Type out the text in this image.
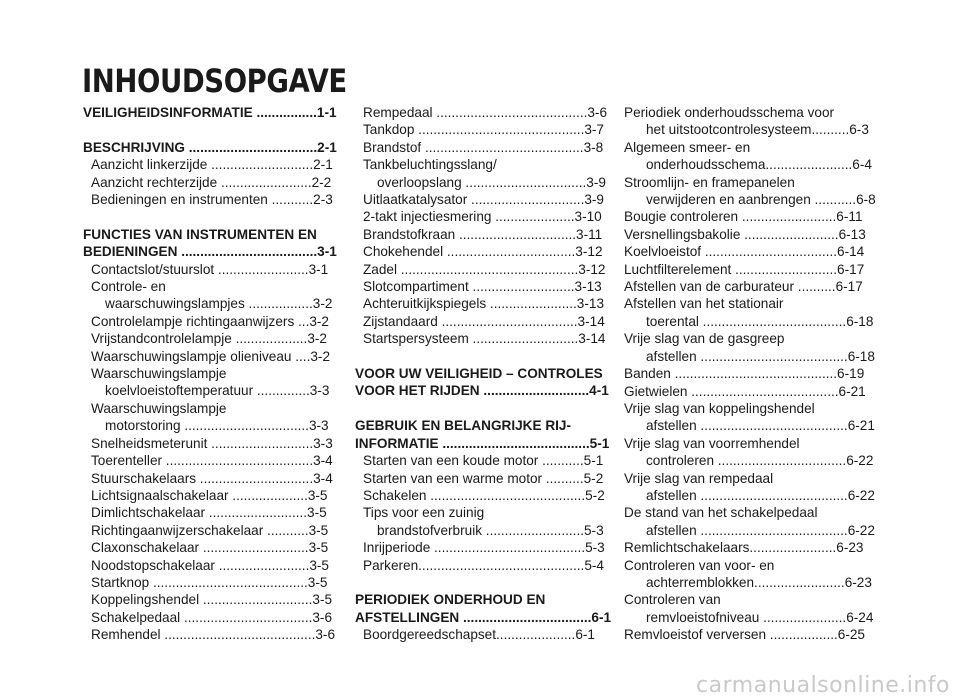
INHOUDSOPGAVE
VEILIGHEIDSINFORMATIE ................1-1
BESCHRIJVING ..................................2-1
Aanzicht linkerzijde ...........................2-1
Aanzicht rechterzijde ........................2-2
Bedieningen en instrumenten ...........2-3
FUNCTIES VAN INSTRUMENTEN EN
BEDIENINGEN ....................................3-1
Contactslot/stuurslot ........................3-1
Controle- en
waarschuwingslampjes .................3-2
Controlelampje richtingaanwijzers ...3-2
Vrijstandcontrolelampje ...................3-2
Waarschuwingslampje olieniveau ....3-2
Waarschuwingslampje
koelvloeistoftemperatuur ..............3-3
Waarschuwingslampje
motorstoring .................................3-3
Snelheidsmeterunit ...........................3-3
Toerenteller .......................................3-4
Stuurschakelaars ..............................3-4
Lichtsignaalschakelaar ....................3-5
Dimlichtschakelaar ..........................3-5
Richtingaanwijzerschakelaar ...........3-5
Claxonschakelaar ............................3-5
Noodstopschakelaar ........................3-5
Startknop .........................................3-5
Koppelingshendel .............................3-5
Schakelpedaal ..................................3-6
Remhendel ........................................3-6
Rempedaal ........................................3-6
Tankdop ............................................3-7
Brandstof ..........................................3-8
Tankbeluchtingsslang/
overloopslang ................................3-9
Uitlaatkatalysator ..............................3-9
2-takt injectiesmering .....................3-10
Brandstofkraan ...............................3-11
Chokehendel ..................................3-12
Zadel ...............................................3-12
Slotcompartiment ...........................3-13
Achteruitkijkspiegels .......................3-13
Zijstandaard ....................................3-14
Startspersysteem ............................3-14
VOOR UW VEILIGHEID – CONTROLES
VOOR HET RIJDEN ............................4-1
GEBRUIK EN BELANGRIJKE RIJ-
INFORMATIE .......................................5-1
Starten van een koude motor ...........5-1
Starten van een warme motor ..........5-2
Schakelen .........................................5-2
Tips voor een zuinig
brandstofverbruik ..........................5-3
Inrijperiode ........................................5-3
Parkeren............................................5-4
PERIODIEK ONDERHOUD EN
AFSTELLINGEN ..................................6-1
Boordgereedschapset.....................6-1
Periodiek onderhoudsschema voor
het uitstootcontrolesysteem..........6-3
Algemeen smeer- en
onderhoudsschema.......................6-4
Stroomlijn- en framepanelen
verwijderen en aanbrengen ...........6-8
Bougie controleren .........................6-11
Versnellingsbakolie .........................6-13
Koelvloeistof ...................................6-14
Luchtfilterelement ...........................6-17
Afstellen van de carburateur ..........6-17
Afstellen van het stationair
toerental ......................................6-18
Vrije slag van de gasgreep
afstellen .......................................6-18
Banden ...........................................6-19
Gietwielen .......................................6-21
Vrije slag van koppelingshendel
afstellen .......................................6-21
Vrije slag van voorremhendel
controleren ..................................6-22
Vrije slag van rempedaal
afstellen .......................................6-22
De stand van het schakelpedaal
afstellen .......................................6-22
Remlichtschakelaars.......................6-23
Controleren van voor- en
achterremblokken........................6-23
Controleren van
remvloeistofniveau ......................6-24
Remvloeistof verversen ..................6-25
carmanualsonline.info
